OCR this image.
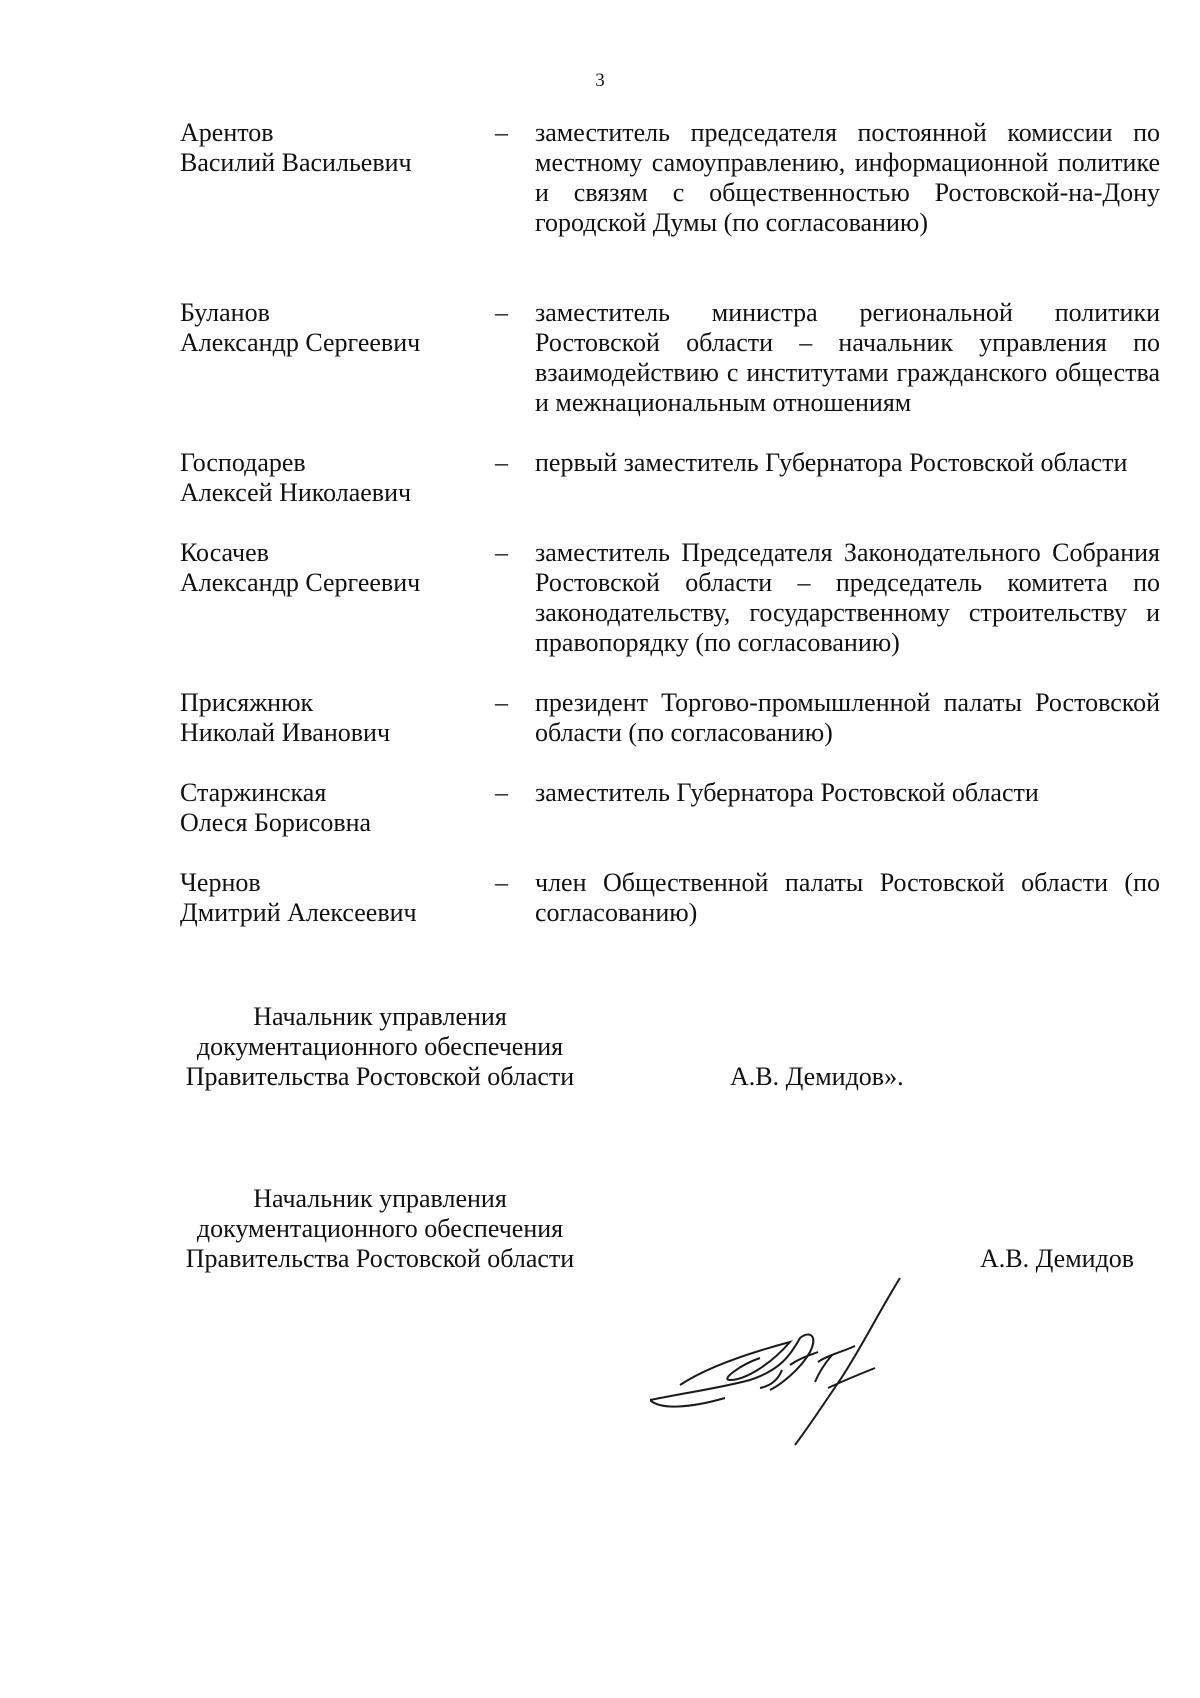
3
Арентов
Василий Васильевич
–	заместитель председателя постоянной комиссии по местному самоуправлению, информационной политике и связям с общественностью Ростовской-на-Дону городской Думы (по согласованию)
Буланов
Александр Сергеевич
–	заместитель министра региональной политики Ростовской области – начальник управления по взаимодействию с институтами гражданского общества и межнациональным отношениям
Господарев
Алексей Николаевич
–	первый заместитель Губернатора Ростовской области
Косачев
Александр Сергеевич
–	заместитель Председателя Законодательного Собрания Ростовской области – председатель комитета по законодательству, государственному строительству и правопорядку (по согласованию)
Присяжнюк
Николай Иванович
–	президент Торгово-промышленной палаты Ростовской области (по согласованию)
Старжинская
Олеся Борисовна
–	заместитель Губернатора Ростовской области
Чернов
Дмитрий Алексеевич
–	член Общественной палаты Ростовской области (по согласованию)
Начальник управления
документационного обеспечения
Правительства Ростовской области	А.В. Демидов».
Начальник управления
документационного обеспечения
Правительства Ростовской области	А.В. Демидов
